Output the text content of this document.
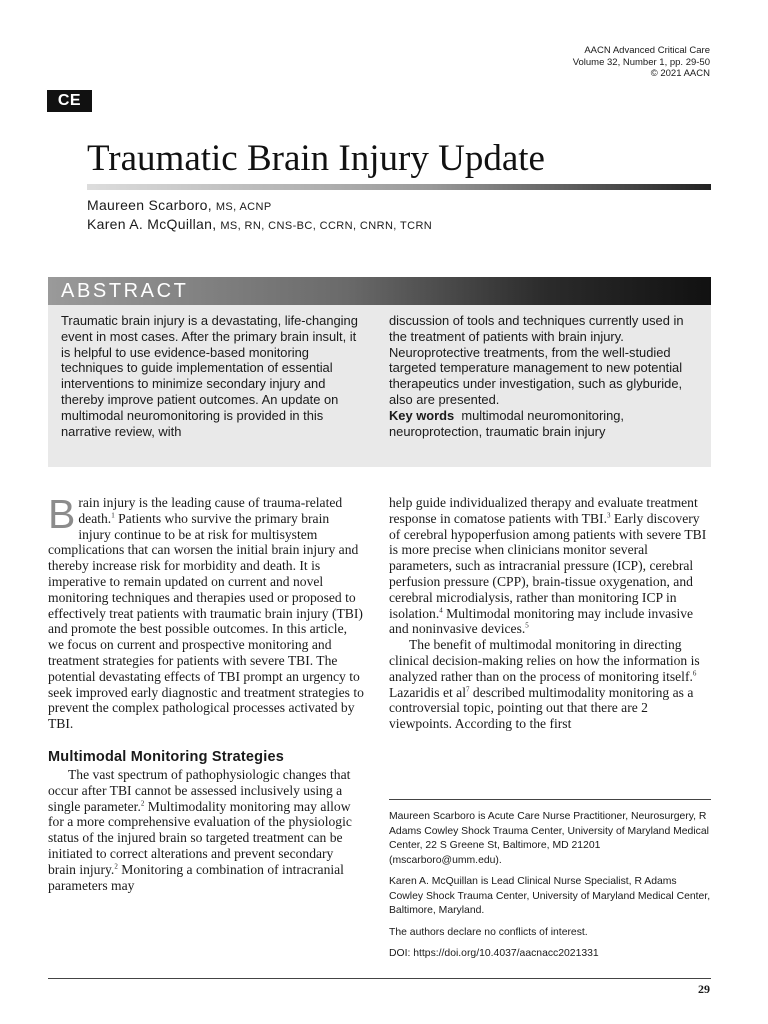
AACN Advanced Critical Care
Volume 32, Number 1, pp. 29-50
© 2021 AACN
CE
Traumatic Brain Injury Update
Maureen Scarboro, MS, ACNP
Karen A. McQuillan, MS, RN, CNS-BC, CCRN, CNRN, TCRN
ABSTRACT

Traumatic brain injury is a devastating, life-changing event in most cases. After the primary brain insult, it is helpful to use evidence-based monitoring techniques to guide implementation of essential interventions to minimize secondary injury and thereby improve patient outcomes. An update on multimodal neuromonitoring is provided in this narrative review, with

discussion of tools and techniques currently used in the treatment of patients with brain injury. Neuroprotective treatments, from the well-studied targeted temperature management to new potential therapeutics under investigation, such as glyburide, also are presented.

Key words multimodal neuromonitoring, neuroprotection, traumatic brain injury

Brain injury is the leading cause of trauma-related death.$^1$ Patients who survive the primary brain injury continue to be at risk for multisystem complications that can worsen the initial brain injury and thereby increase risk for morbidity and death. It is imperative to remain updated on current and novel monitoring techniques and therapies used or proposed to effectively treat patients with traumatic brain injury (TBI) and promote the best possible outcomes. In this article, we focus on current and prospective monitoring and treatment strategies for patients with severe TBI. The potential devastating effects of TBI prompt an urgency to seek improved early diagnostic and treatment strategies to prevent the complex pathological processes activated by TBI.

Multimodal Monitoring Strategies

The vast spectrum of pathophysiologic changes that occur after TBI cannot be assessed inclusively using a single parameter.$^2$ Multimodality monitoring may allow for a more comprehensive evaluation of the physiologic status of the injured brain so targeted treatment can be initiated to correct alterations and prevent secondary brain injury.$^2$ Monitoring a combination of intracranial parameters may

help guide individualized therapy and evaluate treatment response in comatose patients with TBI.$^3$ Early discovery of cerebral hypoperfusion among patients with severe TBI is more precise when clinicians monitor several parameters, such as intracranial pressure (ICP), cerebral perfusion pressure (CPP), brain-tissue oxygenation, and cerebral microdialysis, rather than monitoring ICP in isolation.$^4$ Multimodal monitoring may include invasive and noninvasive devices.$^5$

The benefit of multimodal monitoring in directing clinical decision-making relies on how the information is analyzed rather than on the process of monitoring itself.$^6$ Lazaridis et $al^7$ described multimodality monitoring as a controversial topic, pointing out that there are 2 viewpoints. According to the first

Maureen Scarboro is Acute Care Nurse Practitioner, Neurosurgery, R Adams Cowley Shock Trauma Center, University of Maryland Medical Center, 22 S Greene St, Baltimore, MD 21201 (mscarboro@umm.edu).

Karen A. McQuillan is Lead Clinical Nurse Specialist, R Adams Cowley Shock Trauma Center, University of Maryland Medical Center, Baltimore, Maryland.

The authors declare no conflicts of interest.

DOI: https://doi.org/10.4037/aacnacc2021331

29
